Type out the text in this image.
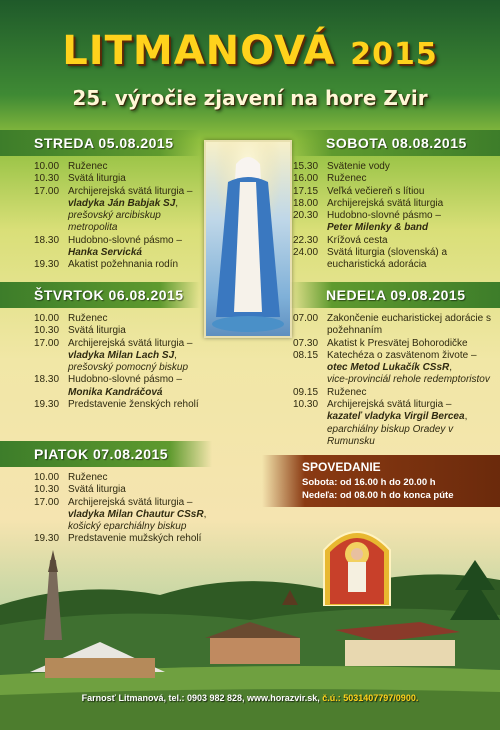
LITMANOVÁ 2015
25. výročie zjavení na hore Zvir
STREDA 05.08.2015
10.00 Ruženec
10.30 Svätá liturgia
17.00 Archijerejská svätá liturgia –
vladyka Ján Babjak SJ,
prešovský arcibiskup metropolita
18.30 Hudobno-slovné pásmo –
Hanka Servická
19.30 Akatist požehnania rodín
ŠTVRTOK 06.08.2015
10.00 Ruženec
10.30 Svätá liturgia
17.00 Archijerejská svätá liturgia –
vladyka Milan Lach SJ,
prešovský pomocný biskup
18.30 Hudobno-slovné pásmo –
Monika Kandráčová
19.30 Predstavenie ženských reholí
PIATOK 07.08.2015
10.00 Ruženec
10.30 Svätá liturgia
17.00 Archijerejská svätá liturgia –
vladyka Milan Chautur CSsR,
košický eparchiálny biskup
19.30 Predstavenie mužských reholí
SOBOTA 08.08.2015
15.30 Svätenie vody
16.00 Ruženec
17.15 Veľká večiereň s lítiou
18.00 Archijerejská svätá liturgia
20.30 Hudobno-slovné pásmo –
Peter Milenky & band
22.30 Krížová cesta
24.00 Svätá liturgia (slovenská) a eucharistická adorácia
NEDEĽA 09.08.2015
07.00 Zakončenie eucharistickej adorácie s požehnaním
07.30 Akatist k Presvätej Bohorodičke
08.15 Katechéza o zasvätenom živote –
otec Metod Lukačík CSsR,
vice-provinciál rehole redemptoristov
09.15 Ruženec
10.30 Archijerejská svätá liturgia –
kazateľ vladyka Virgil Bercea,
eparchiálny biskup Oradey v Rumunsku
SPOVEDANIE
Sobota: od 16.00 h do 20.00 h
Nedeľa: od 08.00 h do konca púte
Farnosť Litmanová, tel.: 0903 982 828, www.horazvir.sk, č.ú.: 5031407797/0900.
